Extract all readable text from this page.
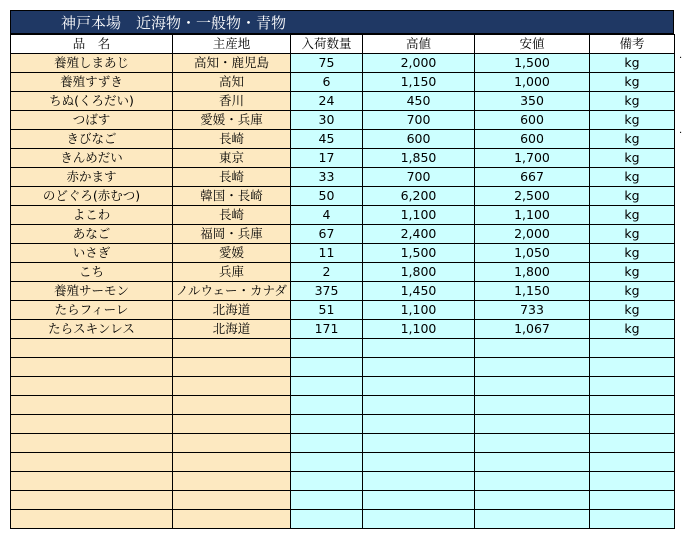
神戸本場　近海物・一般物・青物
品　名	主産地	入荷数量	高値	安値	備考
養殖しまあじ	高知・鹿児島	75	2,000	1,500	kg
養殖すずき	高知	6	1,150	1,000	kg
ちぬ(くろだい)	香川	24	450	350	kg
つばす	愛媛・兵庫	30	700	600	kg
きびなご	長崎	45	600	600	kg
きんめだい	東京	17	1,850	1,700	kg
赤かます	長崎	33	700	667	kg
のどぐろ(赤むつ)	韓国・長崎	50	6,200	2,500	kg
よこわ	長崎	4	1,100	1,100	kg
あなご	福岡・兵庫	67	2,400	2,000	kg
いさぎ	愛媛	11	1,500	1,050	kg
こち	兵庫	2	1,800	1,800	kg
養殖サーモン	ノルウェー・カナダ	375	1,450	1,150	kg
たらフィーレ	北海道	51	1,100	733	kg
たらスキンレス	北海道	171	1,100	1,067	kg

.
.
